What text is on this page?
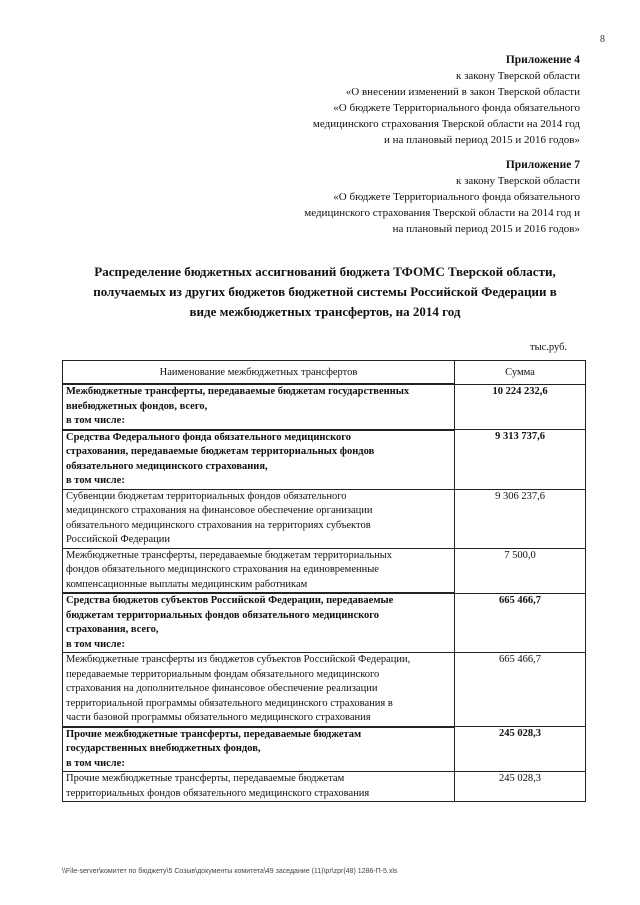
8
Приложение 4
к закону Тверской области
«О внесении изменений в закон Тверской области
«О бюджете Территориального фонда обязательного
медицинского страхования Тверской области на 2014 год
и на плановый период 2015 и 2016 годов»
Приложение 7
к закону Тверской области
«О бюджете Территориального фонда обязательного
медицинского страхования Тверской области на 2014 год и
на плановый период 2015 и 2016 годов»
Распределение бюджетных ассигнований бюджета ТФОМС Тверской области,
получаемых из других бюджетов бюджетной системы Российской Федерации в
виде межбюджетных трансфертов, на 2014 год
тыс.руб.
Наименование межбюджетных трансфертов	Сумма

Межбюджетные трансферты, передаваемые бюджетам государственных
внебюджетных фондов, всего,
в том числе:	10 224 232,6

Средства Федерального фонда обязательного медицинского
страхования, передаваемые бюджетам территориальных фондов
обязательного медицинского страхования,
в том числе:	9 313 737,6

Субвенции бюджетам территориальных фондов обязательного
медицинского страхования на финансовое обеспечение организации
обязательного медицинского страхования на территориях субъектов
Российской Федерации	9 306 237,6

Межбюджетные трансферты, передаваемые бюджетам территориальных
фондов обязательного медицинского страхования на единовременные
компенсационные выплаты медицинским работникам	7 500,0

Средства бюджетов субъектов Российской Федерации, передаваемые
бюджетам территориальных фондов обязательного медицинского
страхования, всего,
в том числе:	665 466,7

Межбюджетные трансферты из бюджетов субъектов Российской Федерации,
передаваемые территориальным фондам обязательного медицинского
страхования на дополнительное финансовое обеспечение реализации
территориальной программы обязательного медицинского страхования в
части базовой программы обязательного медицинского страхования	665 466,7

Прочие межбюджетные трансферты, передаваемые бюджетам
государственных внебюджетных фондов,
в том числе:	245 028,3

Прочие межбюджетные трансферты, передаваемые бюджетам
территориальных фондов обязательного медицинского страхования	245 028,3
\\File-server\комитет по бюджету\5 Созыв\документы комитета\49 заседание (11)\pr\zpr(48) 1286-П-5.xls
